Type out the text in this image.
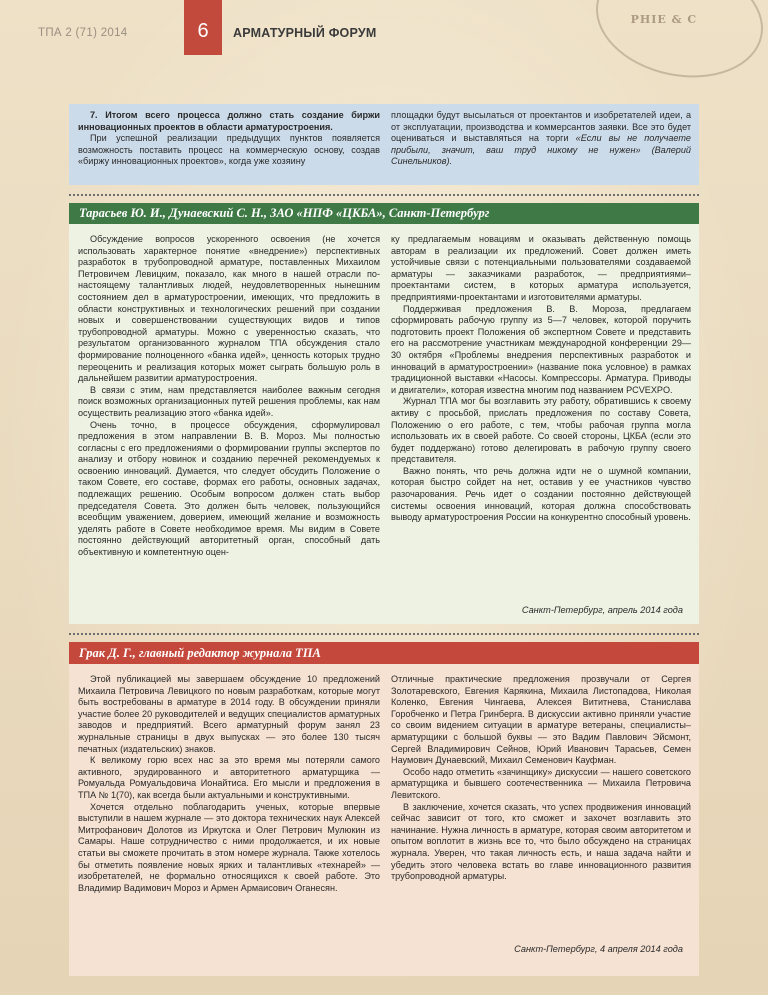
ТПА 2 (71) 2014	6	АРМАТУРНЫЙ ФОРУМ
PHIE & C

7. Итогом всего процесса должно стать создание биржи инновационных проектов в области арматуростроения.

При успешной реализации предыдущих пунктов появляется возможность поставить процесс на коммерческую основу, создав «биржу инновационных проектов», когда уже хозяину

площадки будут высылаться от проектантов и изобретателей идеи, а от эксплуатации, производства и коммерсантов заявки. Все это будет оцениваться и выставляться на торги «Если вы не получаете прибыли, значит, ваш труд никому не нужен» (Валерий Синельников).

Тарасьев Ю. И., Дунаевский С. Н., ЗАО «НПФ «ЦКБА», Санкт-Петербург

Обсуждение вопросов ускоренного освоения (не хочется использовать характерное понятие «внедрение») перспективных разработок в трубопроводной арматуре, поставленных Михаилом Петровичем Левицким, показало, как много в нашей отрасли по-настоящему талантливых людей, неудовлетворенных нынешним состоянием дел в арматуростроении, имеющих, что предложить в области конструктивных и технологических решений при создании новых и совершенствовании существующих видов и типов трубопроводной арматуры. Можно с уверенностью сказать, что результатом организованного журналом ТПА обсуждения стало формирование полноценного «банка идей», ценность которых трудно переоценить и реализация которых может сыграть большую роль в дальнейшем развитии арматуростроения.

В связи с этим, нам представляется наиболее важным сегодня поиск возможных организационных путей решения проблемы, как нам осуществить реализацию этого «банка идей».

Очень точно, в процессе обсуждения, сформулировал предложения в этом направлении В. В. Мороз. Мы полностью согласны с его предложениями о формировании группы экспертов по анализу и отбору новинок и созданию перечней рекомендуемых к освоению инноваций. Думается, что следует обсудить Положение о таком Совете, его составе, формах его работы, основных задачах, подлежащих решению. Особым вопросом должен стать выбор председателя Совета. Это должен быть человек, пользующийся всеобщим уважением, доверием, имеющий желание и возможность уделять работе в Совете необходимое время. Мы видим в Совете постоянно действующий авторитетный орган, способный дать объективную и компетентную оцен-

ку предлагаемым новациям и оказывать действенную помощь авторам в реализации их предложений. Совет должен иметь устойчивые связи с потенциальными пользователями создаваемой арматуры — заказчиками разработок, — предприятиями–проектантами систем, в которых арматура используется, предприятиями-проектантами и изготовителями арматуры.

Поддерживая предложения В. В. Мороза, предлагаем сформировать рабочую группу из 5—7 человек, которой поручить подготовить проект Положения об экспертном Совете и представить его на рассмотрение участникам международной конференции 29—30 октября «Проблемы внедрения перспективных разработок и инноваций в арматуростроении» (название пока условное) в рамках традиционной выставки «Насосы. Компрессоры. Арматура. Приводы и двигатели», которая известна многим под названием PCVEXPO.

Журнал ТПА мог бы возглавить эту работу, обратившись к своему активу с просьбой, прислать предложения по составу Совета, Положению о его работе, с тем, чтобы рабочая группа могла использовать их в своей работе. Со своей стороны, ЦКБА (если это будет поддержано) готово делегировать в рабочую группу своего представителя.

Важно понять, что речь должна идти не о шумной компании, которая быстро сойдет на нет, оставив у ее участников чувство разочарования. Речь идет о создании постоянно действующей системы освоения инноваций, которая должна способствовать выводу арматуростроения России на конкурентно способный уровень.

Санкт-Петербург, апрель 2014 года
Грак Д. Г., главный редактор журнала ТПА

Этой публикацией мы завершаем обсуждение 10 предложений Михаила Петровича Левицкого по новым разработкам, которые могут быть востребованы в арматуре в 2014 году. В обсуждении приняли участие более 20 руководителей и ведущих специалистов арматурных заводов и предприятий. Всего арматурный форум занял 23 журнальные страницы в двух выпусках — это более 130 тысяч печатных (издательских) знаков.

К великому горю всех нас за это время мы потеряли самого активного, эрудированного и авторитетного арматурщика — Ромуальда Ромуальдовича Ионайтиса. Его мысли и предложения в ТПА № 1(70), как всегда были актуальными и конструктивными.

Хочется отдельно поблагодарить ученых, которые впервые выступили в нашем журнале — это доктора технических наук Алексей Митрофанович Долотов из Иркутска и Олег Петрович Мулюкин из Самары. Наше сотрудничество с ними продолжается, и их новые статьи вы сможете прочитать в этом номере журнала. Также хотелось бы отметить появление новых ярких и талантливых «технарей» — изобретателей, не формально относящихся к своей работе. Это Владимир Вадимович Мороз и Армен Армаисович Оганесян.

Отличные практические предложения прозвучали от Сергея Золотаревского, Евгения Карякина, Михаила Листопадова, Николая Коленко, Евгения Чингаева, Алексея Вититнева, Станислава Горобченко и Петра Гринберга. В дискуссии активно приняли участие со своим видением ситуации в арматуре ветераны, специалисты–арматурщики с большой буквы — это Вадим Павлович Эйсмонт, Сергей Владимирович Сейнов, Юрий Иванович Тарасьев, Семен Наумович Дунаевский, Михаил Семенович Кауфман.

Особо надо отметить «зачинщику» дискуссии — нашего советского арматурщика и бывшего соотечественника — Михаила Петровича Левитского.

В заключение, хочется сказать, что успех продвижения инноваций сейчас зависит от того, кто сможет и захочет возглавить это начинание. Нужна личность в арматуре, которая своим авторитетом и опытом воплотит в жизнь все то, что было обсуждено на страницах журнала. Уверен, что такая личность есть, и наша задача найти и убедить этого человека встать во главе инновационного развития трубопроводной арматуры.

Санкт-Петербург, 4 апреля 2014 года
